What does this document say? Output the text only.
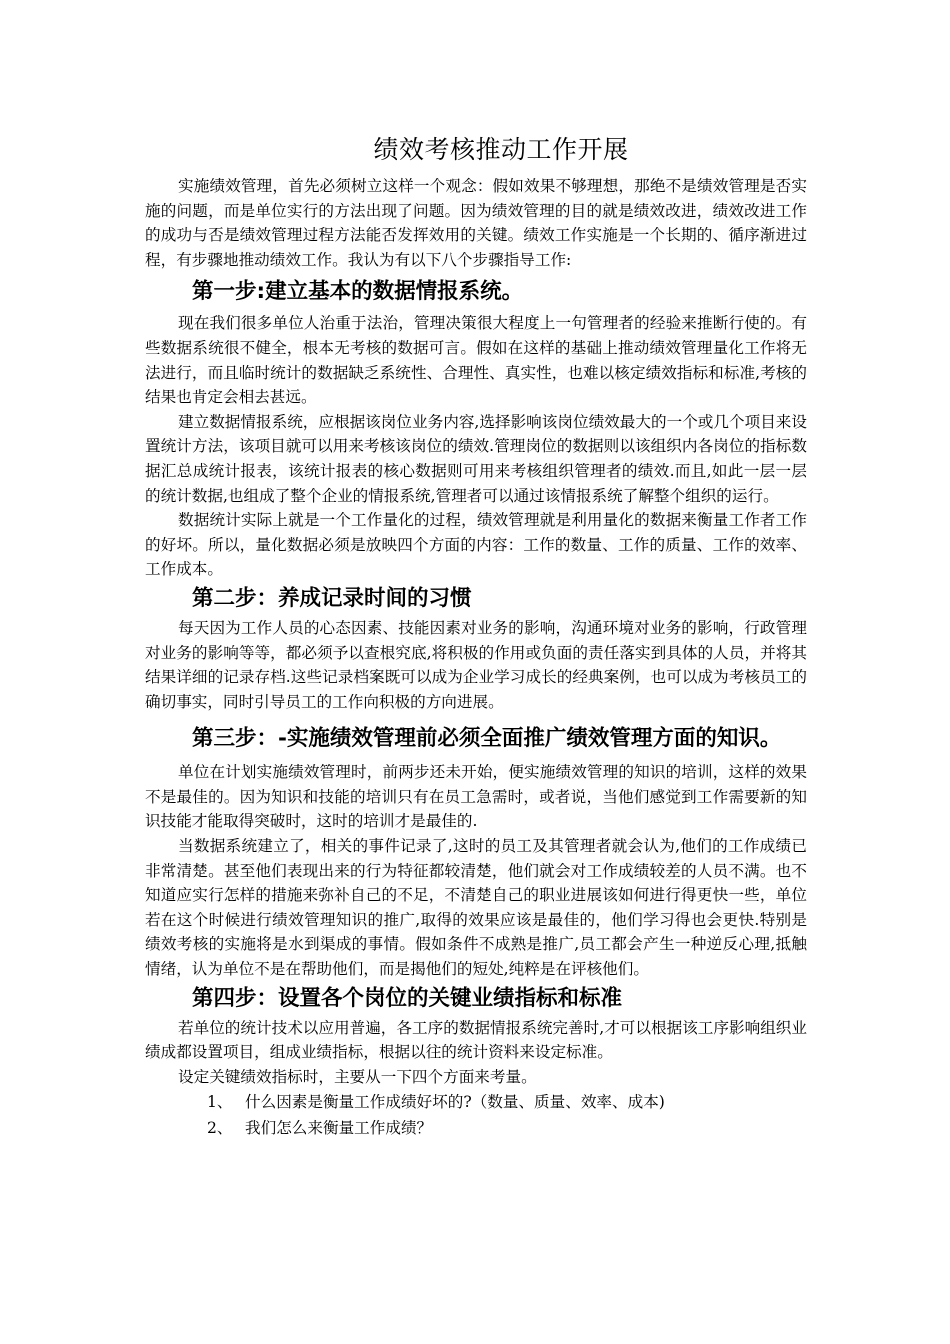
绩效考核推动工作开展

实施绩效管理，首先必须树立这样一个观念：假如效果不够理想，那绝不是绩效管理是否实施的问题，而是单位实行的方法出现了问题。因为绩效管理的目的就是绩效改进，绩效改进工作的成功与否是绩效管理过程方法能否发挥效用的关键。绩效工作实施是一个长期的、循序渐进过程，有步骤地推动绩效工作。我认为有以下八个步骤指导工作:

第一步:建立基本的数据情报系统。

现在我们很多单位人治重于法治，管理决策很大程度上一句管理者的经验来推断行使的。有些数据系统很不健全，根本无考核的数据可言。假如在这样的基础上推动绩效管理量化工作将无法进行，而且临时统计的数据缺乏系统性、合理性、真实性，也难以核定绩效指标和标准,考核的结果也肯定会相去甚远。

建立数据情报系统，应根据该岗位业务内容,选择影响该岗位绩效最大的一个或几个项目来设置统计方法，该项目就可以用来考核该岗位的绩效.管理岗位的数据则以该组织内各岗位的指标数据汇总成统计报表，该统计报表的核心数据则可用来考核组织管理者的绩效.而且,如此一层一层的统计数据,也组成了整个企业的情报系统,管理者可以通过该情报系统了解整个组织的运行。

数据统计实际上就是一个工作量化的过程，绩效管理就是利用量化的数据来衡量工作者工作的好坏。所以，量化数据必须是放映四个方面的内容：工作的数量、工作的质量、工作的效率、工作成本。

第二步：养成记录时间的习惯

每天因为工作人员的心态因素、技能因素对业务的影响，沟通环境对业务的影响，行政管理对业务的影响等等，都必须予以查根究底,将积极的作用或负面的责任落实到具体的人员，并将其结果详细的记录存档.这些记录档案既可以成为企业学习成长的经典案例，也可以成为考核员工的确切事实，同时引导员工的工作向积极的方向进展。

第三步：-实施绩效管理前必须全面推广绩效管理方面的知识。

单位在计划实施绩效管理时，前两步还未开始，便实施绩效管理的知识的培训，这样的效果不是最佳的。因为知识和技能的培训只有在员工急需时，或者说，当他们感觉到工作需要新的知识技能才能取得突破时，这时的培训才是最佳的.

当数据系统建立了，相关的事件记录了,这时的员工及其管理者就会认为,他们的工作成绩已非常清楚。甚至他们表现出来的行为特征都较清楚，他们就会对工作成绩较差的人员不满。也不知道应实行怎样的措施来弥补自己的不足，不清楚自己的职业进展该如何进行得更快一些，单位若在这个时候进行绩效管理知识的推广,取得的效果应该是最佳的，他们学习得也会更快.特别是绩效考核的实施将是水到渠成的事情。假如条件不成熟是推广,员工都会产生一种逆反心理,抵触情绪，认为单位不是在帮助他们，而是揭他们的短处,纯粹是在评核他们。

第四步：设置各个岗位的关键业绩指标和标准

若单位的统计技术以应用普遍，各工序的数据情报系统完善时,才可以根据该工序影响组织业绩成都设置项目，组成业绩指标，根据以往的统计资料来设定标准。

设定关键绩效指标时，主要从一下四个方面来考量。

1、 什么因素是衡量工作成绩好坏的?（数量、质量、效率、成本)
2、 我们怎么来衡量工作成绩？
